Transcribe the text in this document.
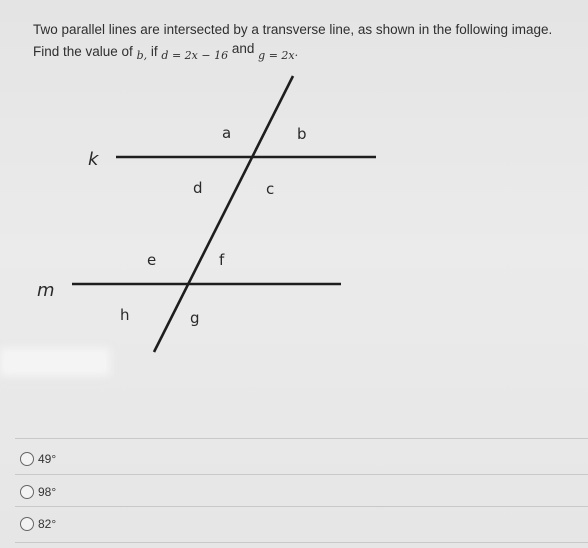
Two parallel lines are intersected by a transverse line, as shown in the following image.
Find the value of $_{b,}$ if $_{d = 2x - 16}$ and $_{g = 2x\cdot}$
k
m
a	b
c
d
e	f
g
h
49°
98°
82°
